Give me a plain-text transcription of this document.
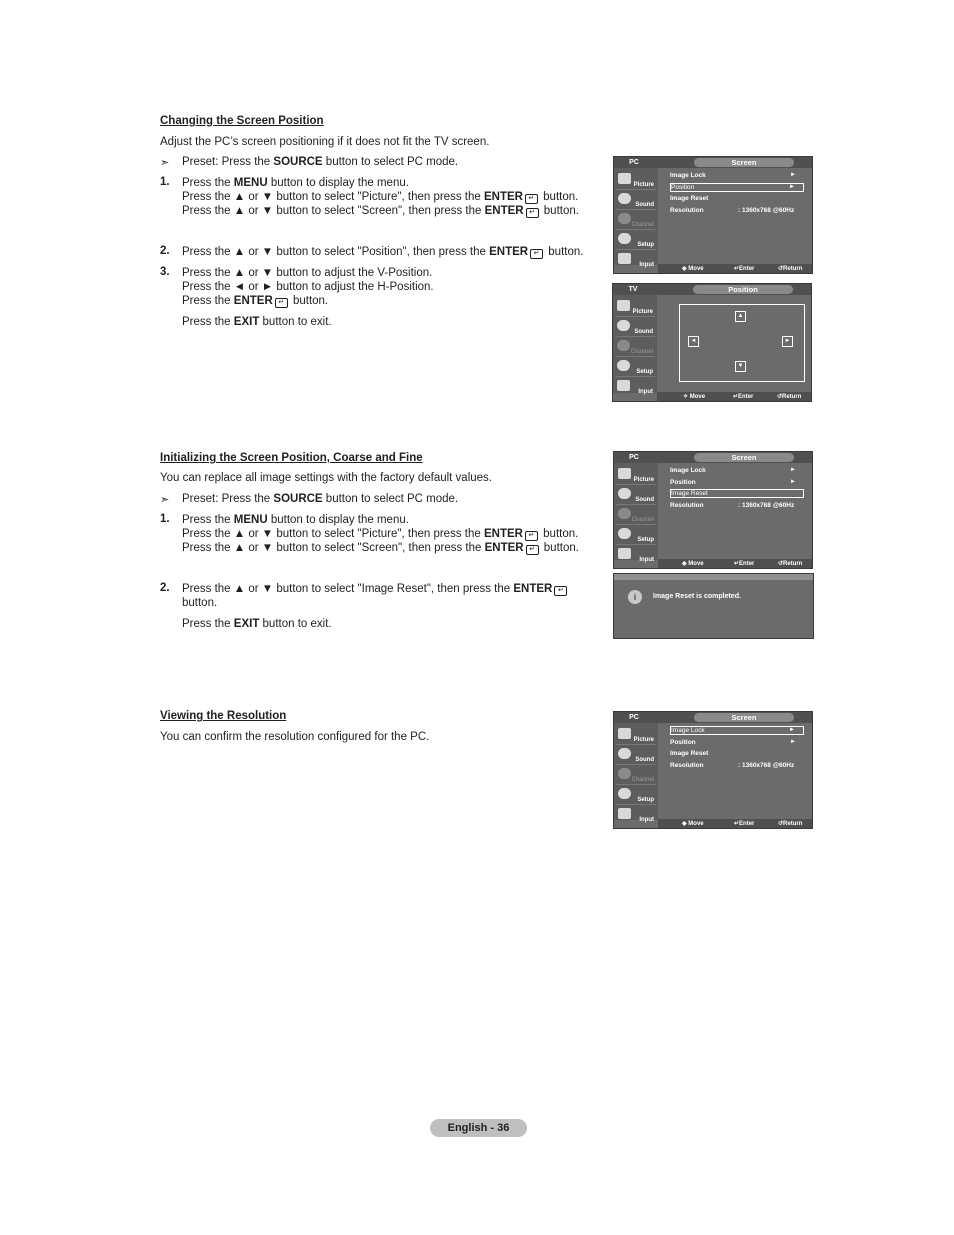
Changing the Screen Position
Adjust the PC’s screen positioning if it does not fit the TV screen.
➣ Preset: Press the SOURCE button to select PC mode.
1. Press the MENU button to display the menu.
Press the ▲ or ▼ button to select "Picture", then press the ENTER ↵ button.
Press the ▲ or ▼ button to select "Screen", then press the ENTER ↵ button.
2. Press the ▲ or ▼ button to select "Position", then press the ENTER ↵ button.
3. Press the ▲ or ▼ button to adjust the V-Position.
Press the ◄ or ► button to adjust the H-Position.
Press the ENTER ↵ button.
Press the EXIT button to exit.
PC	Screen
Picture
Sound
Channel
Setup
Input
Image Lock	►
Position	►
Image Reset
Resolution	: 1360x768 @60Hz
◆ Move	↵Enter	↺Return
TV	Position
Picture
Sound
Channel
Setup
Input
▲
▼
◄	►
✧ Move	↵Enter	↺Return
Initializing the Screen Position, Coarse and Fine
You can replace all image settings with the factory default values.
➣ Preset: Press the SOURCE button to select PC mode.
1. Press the MENU button to display the menu.
Press the ▲ or ▼ button to select "Picture", then press the ENTER ↵ button.
Press the ▲ or ▼ button to select "Screen", then press the ENTER ↵ button.
2. Press the ▲ or ▼ button to select "Image Reset", then press the ENTER ↵
button.
Press the EXIT button to exit.
PC	Screen
Picture
Sound
Channel
Setup
Input
Image Lock	►
Position	►
Image Reset
Resolution	: 1360x768 @60Hz
◆ Move	↵Enter	↺Return
i	Image Reset is completed.
Viewing the Resolution
You can confirm the resolution configured for the PC.
PC	Screen
Picture
Sound
Channel
Setup
Input
Image Lock	►
Position	►
Image Reset
Resolution	: 1360x768 @60Hz
◆ Move	↵Enter	↺Return
English - 36
